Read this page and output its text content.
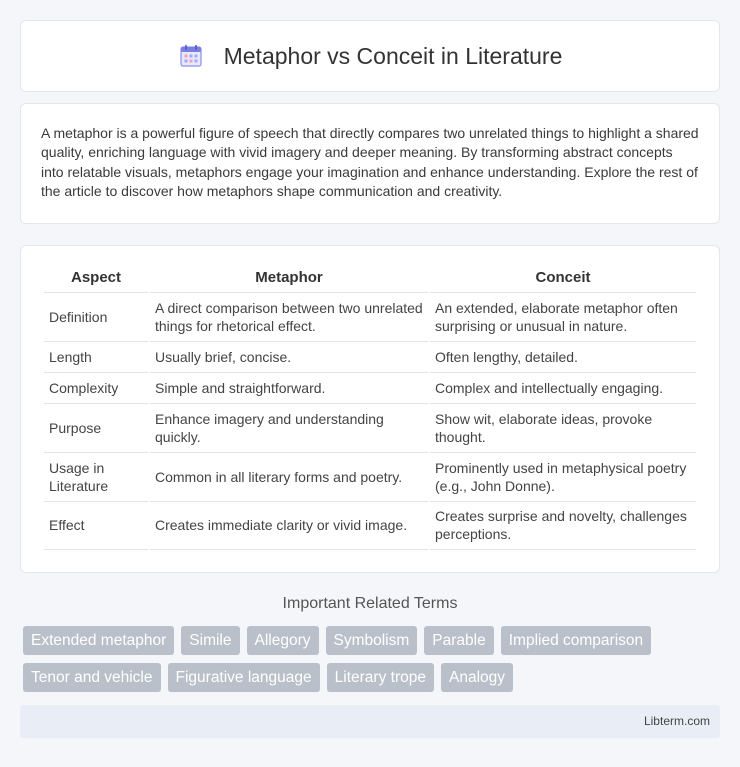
Metaphor vs Conceit in Literature

A metaphor is a powerful figure of speech that directly compares two unrelated things to highlight a shared quality, enriching language with vivid imagery and deeper meaning. By transforming abstract concepts into relatable visuals, metaphors engage your imagination and enhance understanding. Explore the rest of the article to discover how metaphors shape communication and creativity.

Aspect	Metaphor	Conceit
Definition	A direct comparison between two unrelated things for rhetorical effect.	An extended, elaborate metaphor often surprising or unusual in nature.
Length	Usually brief, concise.	Often lengthy, detailed.
Complexity	Simple and straightforward.	Complex and intellectually engaging.
Purpose	Enhance imagery and understanding quickly.	Show wit, elaborate ideas, provoke thought.
Usage in Literature	Common in all literary forms and poetry.	Prominently used in metaphysical poetry (e.g., John Donne).
Effect	Creates immediate clarity or vivid image.	Creates surprise and novelty, challenges perceptions.
Important Related Terms
Extended metaphor	Simile	Allegory	Symbolism	Parable	Implied comparison
Tenor and vehicle	Figurative language	Literary trope	Analogy
Libterm.com
